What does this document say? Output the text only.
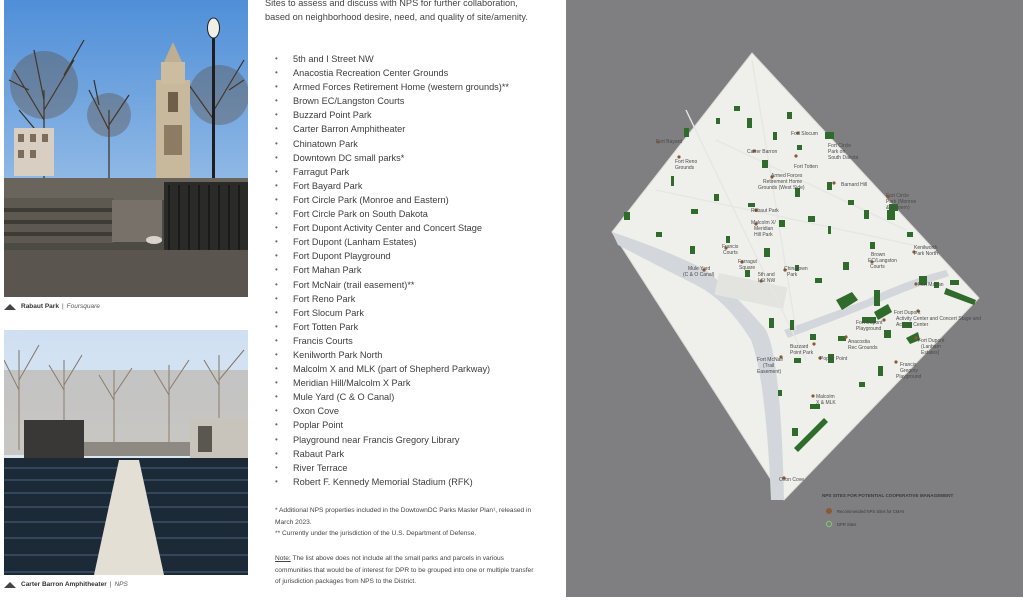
Rabaut Park | Foursquare
Carter Barron Amphitheater | NPS

Sites to assess and discuss with NPS for further collaboration, based on neighborhood desire, need, and quality of site/amenity.

• 5th and I Street NW
• Anacostia Recreation Center Grounds
• Armed Forces Retirement Home (western grounds)**
• Brown EC/Langston Courts
• Buzzard Point Park
• Carter Barron Amphitheater
• Chinatown Park
• Downtown DC small parks*
• Farragut Park
• Fort Bayard Park
• Fort Circle Park (Monroe and Eastern)
• Fort Circle Park on South Dakota
• Fort Dupont Activity Center and Concert Stage
• Fort Dupont (Lanham Estates)
• Fort Dupont Playground
• Fort Mahan Park
• Fort McNair (trail easement)**
• Fort Reno Park
• Fort Slocum Park
• Fort Totten Park
• Francis Courts
• Kenilworth Park North
• Malcolm X and MLK (part of Shepherd Parkway)
• Meridian Hill/Malcolm X Park
• Mule Yard (C & O Canal)
• Oxon Cove
• Poplar Point
• Playground near Francis Gregory Library
• Rabaut Park
• River Terrace
• Robert F. Kennedy Memorial Stadium (RFK)

* Additional NPS properties included in the DowtownDC Parks Master Plan¹, released in March 2023.

** Currently under the jurisdiction of the U.S. Department of Defense.

Note: The list above does not include all the small parks and parcels in various communities that would be of interest for DPR to be grouped into one or multiple transfer of jurisdiction packages from NPS to the District.

Fort Bayard
Fort Reno
Grounds
Carter Barron
Fort Slocum
Fort Circle
Park on
South Dakota
Armed Forces
Retirement Home
Grounds (West Side)
Fort Totten
Barnard Hill
Fort Circle
Park (Monroe
& Eastern)
Rabaut Park
Malcolm X/
Meridian
Hill Park
Francis
Courts
Farragut
Square
Mule Yard
(C & O Canal)	5th and
I St NW
Chinatown
Park
Brown
EC/Langston
Courts
Kenilworth
Park North
Fort Mahan
Fort Dupont
Activity Center and Concert Stage and
Activity Center
Fort Dupont
Playground
Fort Dupont
(Lanham
Estates)
Anacostia
Rec Grounds
Buzzard
Point Park
Poplar Point
Fort McNair
(Trail
Easement)
Francis
Gregory
Playground
Malcolm
X & MLK
Oxon Cove
NPS SITES FOR POTENTIAL COOPERATIVE MANAGEMENT
Recommended NPS Sites for CMAs
DPR Sites
